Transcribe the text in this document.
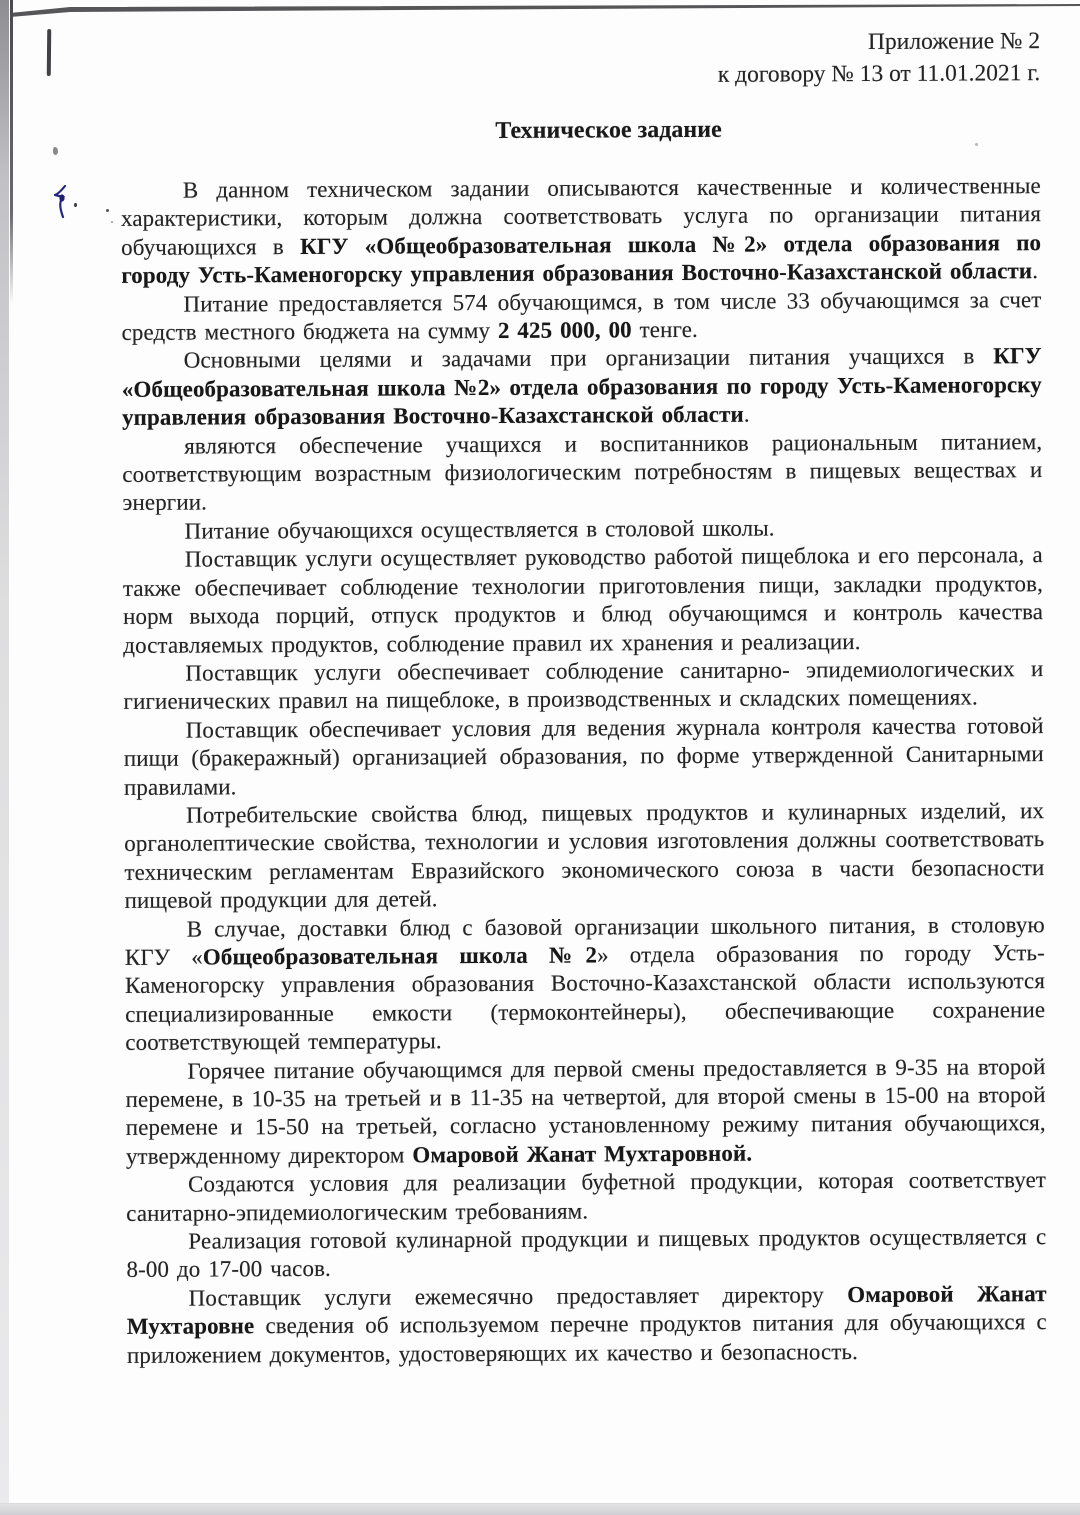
Приложение № 2
к договору № 13 от 11.01.2021 г.
Техническое задание

В данном техническом задании описываются качественные и количественные характеристики, которым должна соответствовать услуга по организации питания обучающихся в КГУ «Общеобразовательная школа №2» отдела образования по городу Усть-Каменогорску управления образования Восточно-Казахстанской области.

Питание предоставляется 574 обучающимся, в том числе 33 обучающимся за счет средств местного бюджета на сумму 2 425 000, 00 тенге.

Основными целями и задачами при организации питания учащихся в КГУ «Общеобразовательная школа №2» отдела образования по городу Усть-Каменогорску управления образования Восточно-Казахстанской области.

являются обеспечение учащихся и воспитанников рациональным питанием, соответствующим возрастным физиологическим потребностям в пищевых веществах и энергии.

Питание обучающихся осуществляется в столовой школы.

Поставщик услуги осуществляет руководство работой пищеблока и его персонала, а также обеспечивает соблюдение технологии приготовления пищи, закладки продуктов, норм выхода порций, отпуск продуктов и блюд обучающимся и контроль качества доставляемых продуктов, соблюдение правил их хранения и реализации.

Поставщик услуги обеспечивает соблюдение санитарно- эпидемиологических и гигиенических правил на пищеблоке, в производственных и складских помещениях.

Поставщик обеспечивает условия для ведения журнала контроля качества готовой пищи (бракеражный) организацией образования, по форме утвержденной Санитарными правилами.

Потребительские свойства блюд, пищевых продуктов и кулинарных изделий, их органолептические свойства, технологии и условия изготовления должны соответствовать техническим регламентам Евразийского экономического союза в части безопасности пищевой продукции для детей.

В случае, доставки блюд с базовой организации школьного питания, в столовую КГУ «Общеобразовательная школа №2» отдела образования по городу Усть-Каменогорску управления образования Восточно-Казахстанской области используются специализированные емкости (термоконтейнеры), обеспечивающие сохранение соответствующей температуры.

Горячее питание обучающимся для первой смены предоставляется в 9-35 на второй перемене, в 10-35 на третьей и в 11-35 на четвертой, для второй смены в 15-00 на второй перемене и 15-50 на третьей, согласно установленному режиму питания обучающихся, утвержденному директором Омаровой Жанат Мухтаровной.

Создаются условия для реализации буфетной продукции, которая соответствует санитарно-эпидемиологическим требованиям.

Реализация готовой кулинарной продукции и пищевых продуктов осуществляется с 8-00 до 17-00 часов.

Поставщик услуги ежемесячно предоставляет директору Омаровой Жанат Мухтаровне сведения об используемом перечне продуктов питания для обучающихся с приложением документов, удостоверяющих их качество и безопасность.
